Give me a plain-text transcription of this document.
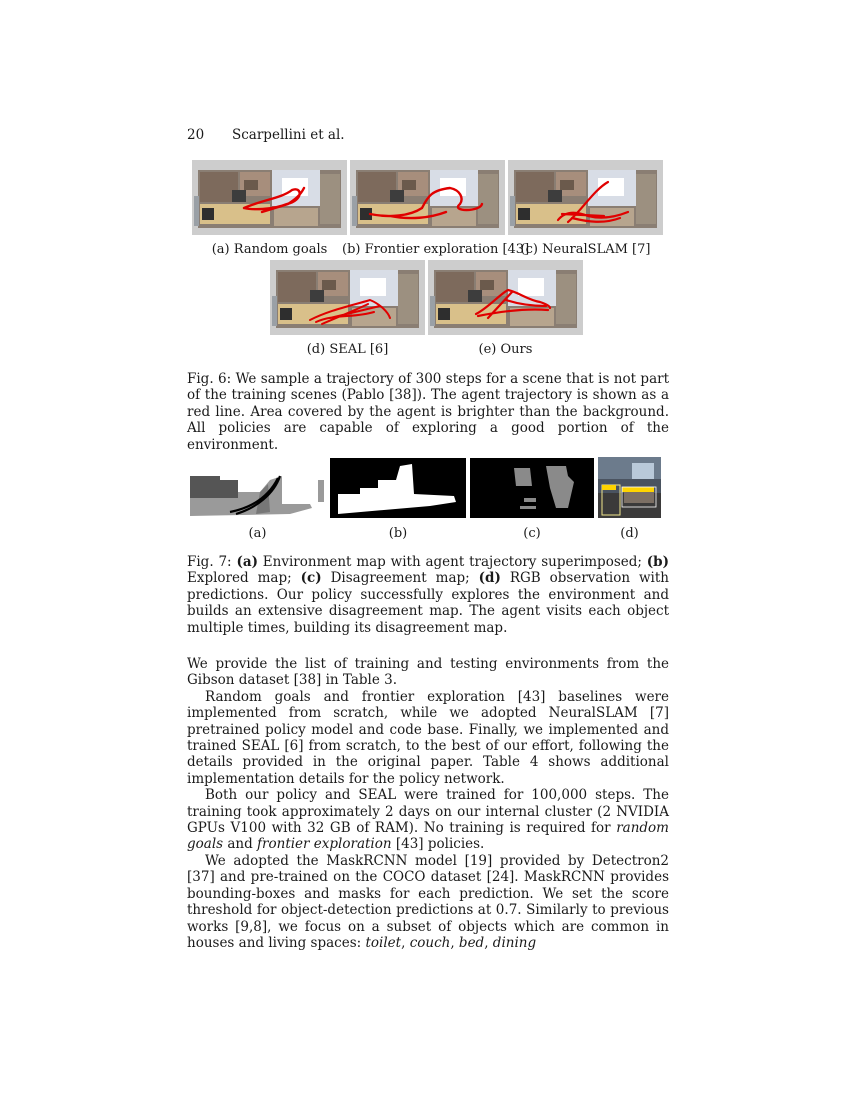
20 Scarpellini et al.
(a) Random goals	(b) Frontier exploration [43]
(c) NeuralSLAM [7]
(d) SEAL [6]	(e) Ours
Fig. 6: We sample a trajectory of 300 steps for a scene that is not part of the training scenes (Pablo [38]). The agent trajectory is shown as a red line. Area covered by the agent is brighter than the background. All policies are capable of exploring a good portion of the environment.
(a)	(b)	(c)	(d)
Fig. 7: (a) Environment map with agent trajectory superimposed; (b) Explored map; (c) Disagreement map; (d) RGB observation with predictions. Our policy successfully explores the environment and builds an extensive disagreement map. The agent visits each object multiple times, building its disagreement map.
We provide the list of training and testing environments from the Gibson dataset [38] in Table 3.
Random goals and frontier exploration [43] baselines were implemented from scratch, while we adopted NeuralSLAM [7] pretrained policy model and code base. Finally, we implemented and trained SEAL [6] from scratch, to the best of our effort, following the details provided in the original paper. Table 4 shows additional implementation details for the policy network.
Both our policy and SEAL were trained for 100,000 steps. The training took approximately 2 days on our internal cluster (2 NVIDIA GPUs V100 with 32 GB of RAM). No training is required for random goals and frontier exploration [43] policies.
We adopted the MaskRCNN model [19] provided by Detectron2 [37] and pre-trained on the COCO dataset [24]. MaskRCNN provides bounding-boxes and masks for each prediction. We set the score threshold for object-detection predictions at 0.7. Similarly to previous works [9,8], we focus on a subset of objects which are common in houses and living spaces: toilet, couch, bed, dining
